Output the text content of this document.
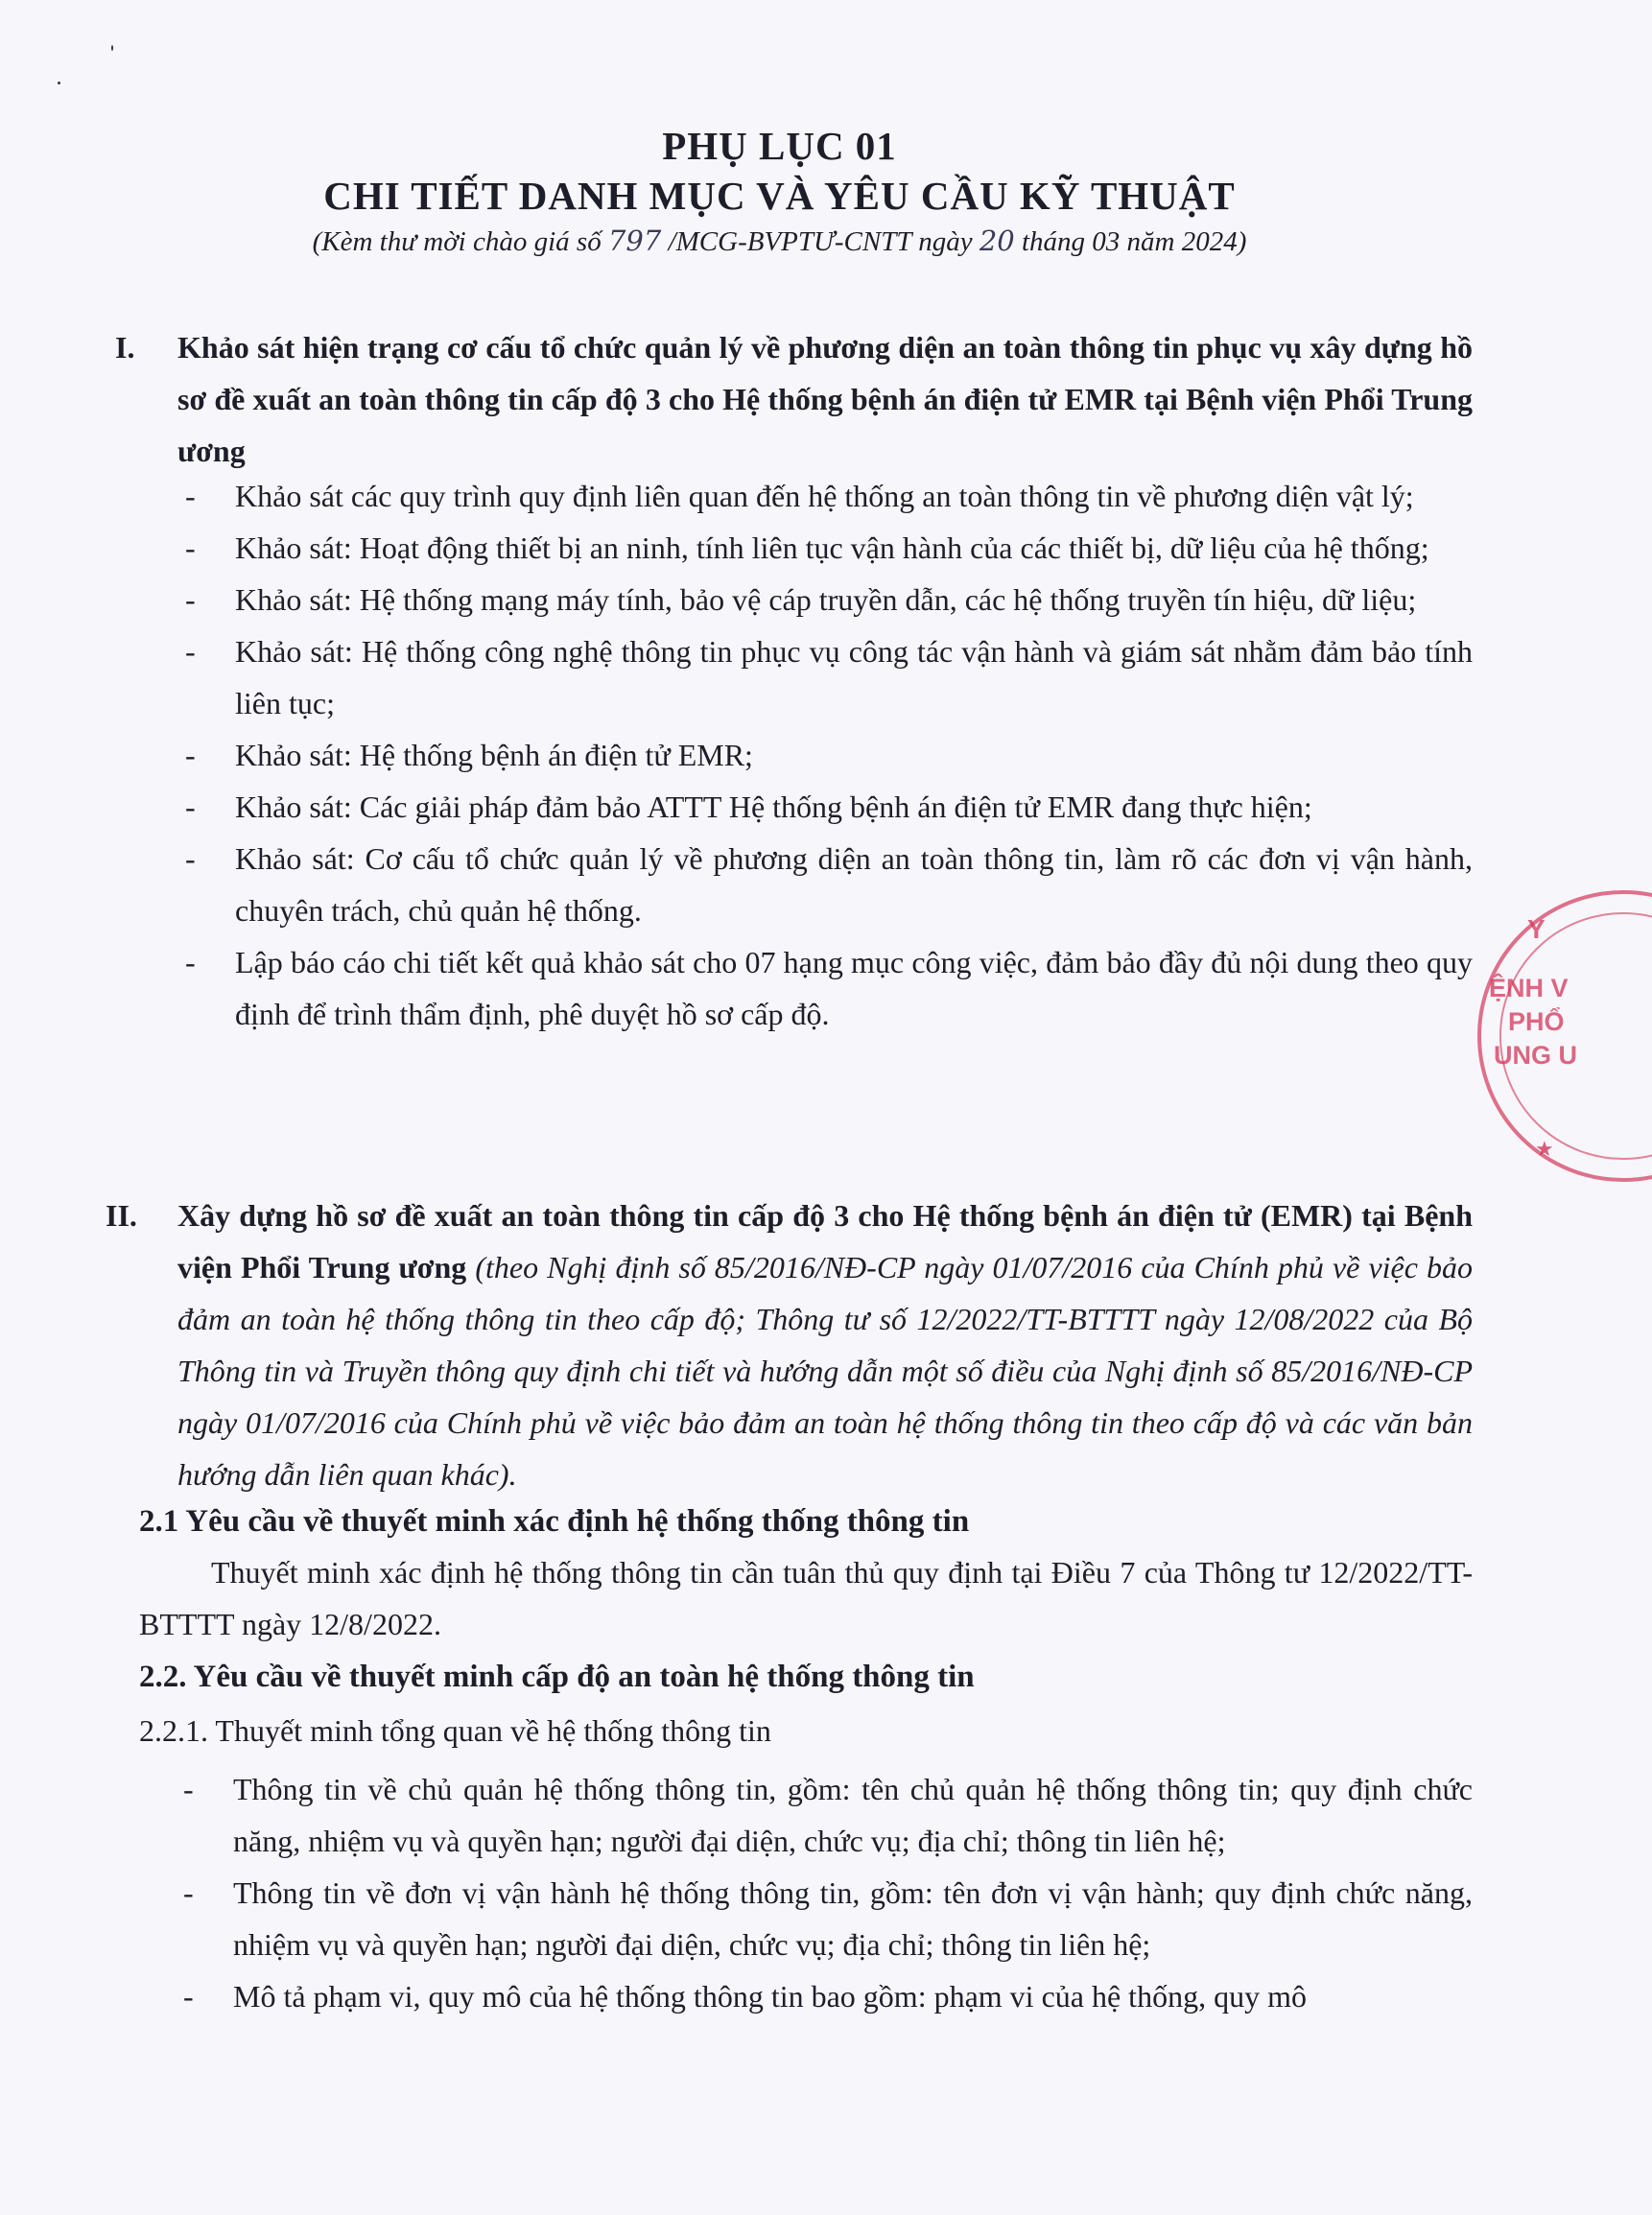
PHỤ LỤC 01
CHI TIẾT DANH MỤC VÀ YÊU CẦU KỸ THUẬT
(Kèm thư mời chào giá số 797 /MCG-BVPTƯ-CNTT ngày 20 tháng 03 năm 2024)
I. Khảo sát hiện trạng cơ cấu tổ chức quản lý về phương diện an toàn thông tin phục vụ xây dựng hồ sơ đề xuất an toàn thông tin cấp độ 3 cho Hệ thống bệnh án điện tử EMR tại Bệnh viện Phổi Trung ương
- Khảo sát các quy trình quy định liên quan đến hệ thống an toàn thông tin về phương diện vật lý;
- Khảo sát: Hoạt động thiết bị an ninh, tính liên tục vận hành của các thiết bị, dữ liệu của hệ thống;
- Khảo sát: Hệ thống mạng máy tính, bảo vệ cáp truyền dẫn, các hệ thống truyền tín hiệu, dữ liệu;
- Khảo sát: Hệ thống công nghệ thông tin phục vụ công tác vận hành và giám sát nhằm đảm bảo tính liên tục;
- Khảo sát: Hệ thống bệnh án điện tử EMR;
- Khảo sát: Các giải pháp đảm bảo ATTT Hệ thống bệnh án điện tử EMR đang thực hiện;
- Khảo sát: Cơ cấu tổ chức quản lý về phương diện an toàn thông tin, làm rõ các đơn vị vận hành, chuyên trách, chủ quản hệ thống.
- Lập báo cáo chi tiết kết quả khảo sát cho 07 hạng mục công việc, đảm bảo đầy đủ nội dung theo quy định để trình thẩm định, phê duyệt hồ sơ cấp độ.
II. Xây dựng hồ sơ đề xuất an toàn thông tin cấp độ 3 cho Hệ thống bệnh án điện tử (EMR) tại Bệnh viện Phổi Trung ương (theo Nghị định số 85/2016/NĐ-CP ngày 01/07/2016 của Chính phủ về việc bảo đảm an toàn hệ thống thông tin theo cấp độ; Thông tư số 12/2022/TT-BTTTT ngày 12/08/2022 của Bộ Thông tin và Truyền thông quy định chi tiết và hướng dẫn một số điều của Nghị định số 85/2016/NĐ-CP ngày 01/07/2016 của Chính phủ về việc bảo đảm an toàn hệ thống thông tin theo cấp độ và các văn bản hướng dẫn liên quan khác).
2.1 Yêu cầu về thuyết minh xác định hệ thống thống thông tin
Thuyết minh xác định hệ thống thông tin cần tuân thủ quy định tại Điều 7 của Thông tư 12/2022/TT-BTTTT ngày 12/8/2022.
2.2. Yêu cầu về thuyết minh cấp độ an toàn hệ thống thông tin
2.2.1. Thuyết minh tổng quan về hệ thống thông tin
- Thông tin về chủ quản hệ thống thông tin, gồm: tên chủ quản hệ thống thông tin; quy định chức năng, nhiệm vụ và quyền hạn; người đại diện, chức vụ; địa chỉ; thông tin liên hệ;
- Thông tin về đơn vị vận hành hệ thống thông tin, gồm: tên đơn vị vận hành; quy định chức năng, nhiệm vụ và quyền hạn; người đại diện, chức vụ; địa chỉ; thông tin liên hệ;
- Mô tả phạm vi, quy mô của hệ thống thông tin bao gồm: phạm vi của hệ thống, quy mô
★
Y
ỆNH V
PHỔ
UNG U
